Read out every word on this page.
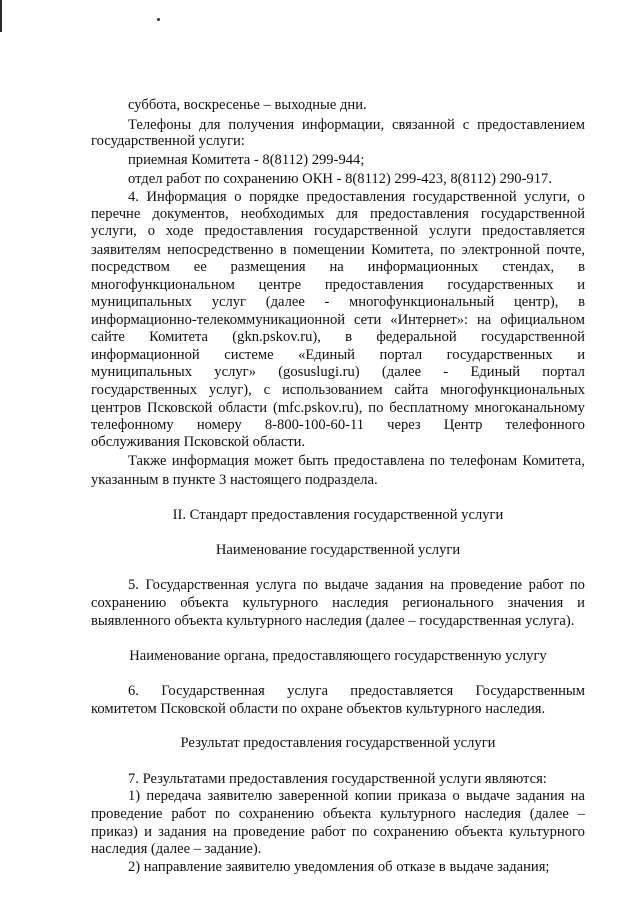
суббота, воскресенье – выходные дни.
Телефоны для получения информации, связанной с предоставлением
государственной услуги:
приемная Комитета - 8(8112) 299-944;
отдел работ по сохранению ОКН - 8(8112) 299-423, 8(8112) 290-917.
4. Информация о порядке предоставления государственной услуги, о
перечне документов, необходимых для предоставления государственной
услуги, о ходе предоставления государственной услуги предоставляется
заявителям непосредственно в помещении Комитета, по электронной почте,
посредством ее размещения на информационных стендах, в
многофункциональном центре предоставления государственных и
муниципальных услуг (далее - многофункциональный центр), в
информационно-телекоммуникационной сети «Интернет»: на официальном
сайте Комитета (gkn.pskov.ru), в федеральной государственной
информационной системе «Единый портал государственных и
муниципальных услуг» (gosuslugi.ru) (далее - Единый портал
государственных услуг), с использованием сайта многофункциональных
центров Псковской области (mfc.pskov.ru), по бесплатному многоканальному
телефонному номеру 8-800-100-60-11 через Центр телефонного
обслуживания Псковской области.
Также информация может быть предоставлена по телефонам Комитета,
указанным в пункте 3 настоящего подраздела.
II. Стандарт предоставления государственной услуги
Наименование государственной услуги
5. Государственная услуга по выдаче задания на проведение работ по
сохранению объекта культурного наследия регионального значения и
выявленного объекта культурного наследия (далее – государственная услуга).
Наименование органа, предоставляющего государственную услугу
6. Государственная услуга предоставляется Государственным
комитетом Псковской области по охране объектов культурного наследия.
Результат предоставления государственной услуги
7. Результатами предоставления государственной услуги являются:
1) передача заявителю заверенной копии приказа о выдаче задания на
проведение работ по сохранению объекта культурного наследия (далее –
приказ) и задания на проведение работ по сохранению объекта культурного
наследия (далее – задание).
2) направление заявителю уведомления об отказе в выдаче задания;
